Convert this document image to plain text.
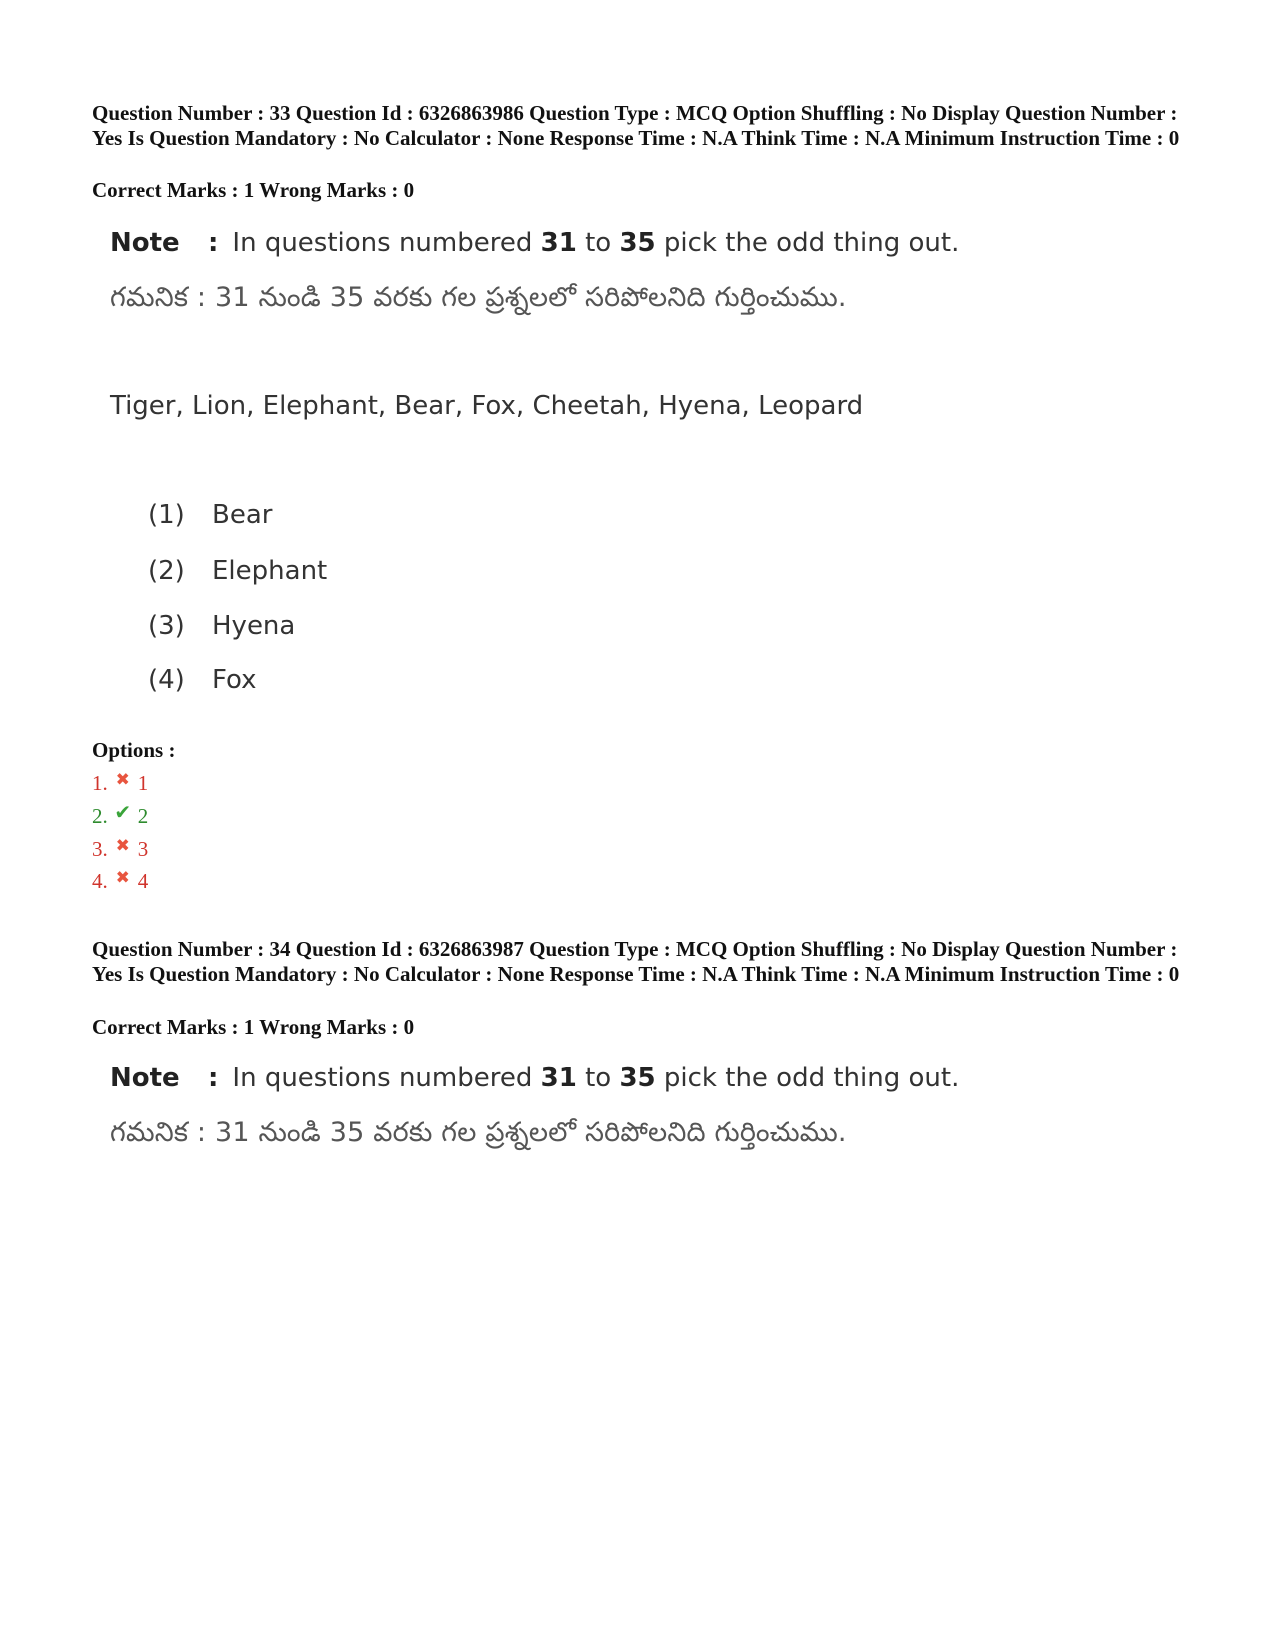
Question Number : 33 Question Id : 6326863986 Question Type : MCQ Option Shuffling : No Display Question Number : Yes Is Question Mandatory : No Calculator : None Response Time : N.A Think Time : N.A Minimum Instruction Time : 0
Correct Marks : 1 Wrong Marks : 0
Note : In questions numbered 31 to 35 pick the odd thing out.
గమనిక : 31 నుండి 35 వరకు గల ప్రశ్నలలో సరిపోలనిది గుర్తించుము.
Tiger, Lion, Elephant, Bear, Fox, Cheetah, Hyena, Leopard
(1) Bear
(2) Elephant
(3) Hyena
(4) Fox
Options :
1. ✖ 1
2. ✔ 2
3. ✖ 3
4. ✖ 4
Question Number : 34 Question Id : 6326863987 Question Type : MCQ Option Shuffling : No Display Question Number : Yes Is Question Mandatory : No Calculator : None Response Time : N.A Think Time : N.A Minimum Instruction Time : 0
Correct Marks : 1 Wrong Marks : 0
Note : In questions numbered 31 to 35 pick the odd thing out.
గమనిక : 31 నుండి 35 వరకు గల ప్రశ్నలలో సరిపోలనిది గుర్తించుము.
